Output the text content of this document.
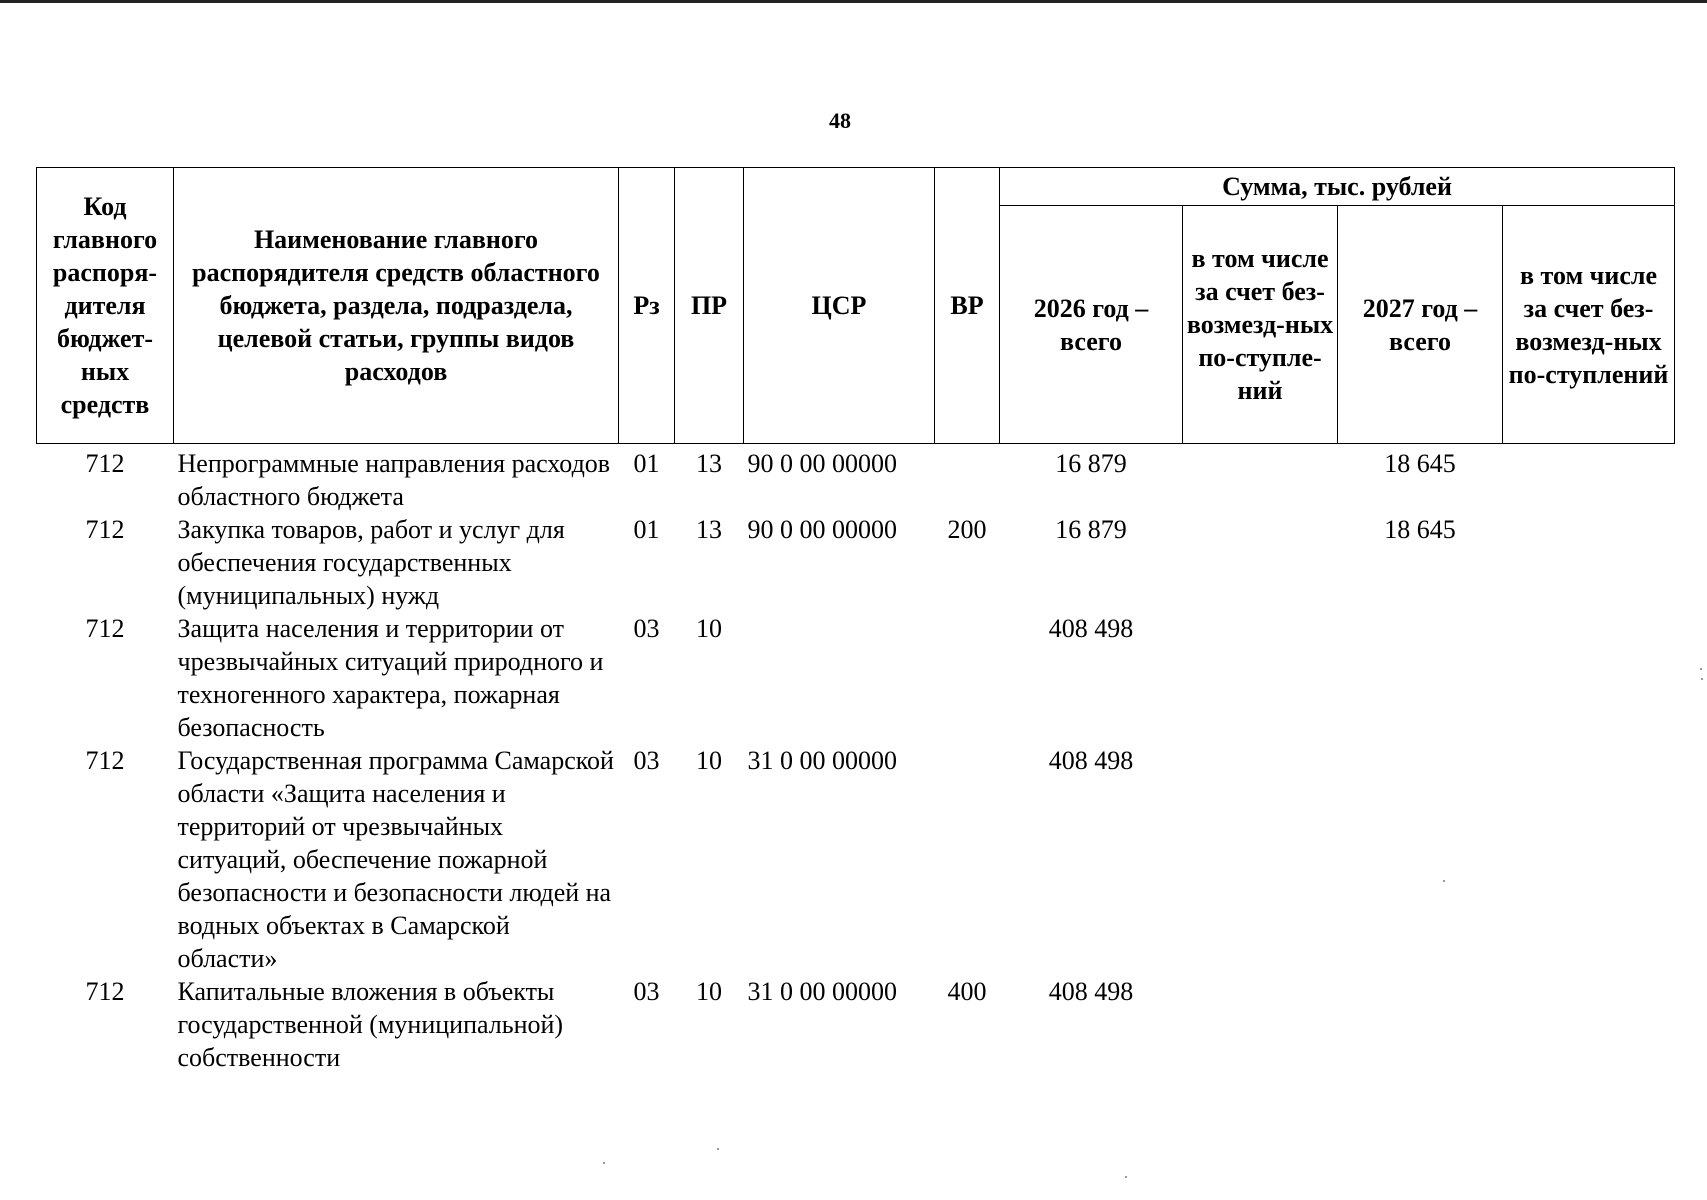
48
Код главного распоря-дителя бюджет-ных средств	Наименование главного распорядителя средств областного бюджета, раздела, подраздела, целевой статьи, группы видов расходов	Рз	ПР	ЦСР	ВР	Сумма, тыс. рублей			
						2026 год – всего	в том числе за счет без-возмезд-ных по-ступле-ний	2027 год – всего	в том числе за счет без-возмезд-ных по-ступлений
712	Непрограммные направления расходов областного бюджета	01	13	90 0 00 00000		16 879		18 645	
712	Закупка товаров, работ и услуг для обеспечения государственных (муниципальных) нужд	01	13	90 0 00 00000	200	16 879		18 645	
712	Защита населения и территории от чрезвычайных ситуаций природного и техногенного характера, пожарная безопасность	03	10			408 498			
712	Государственная программа Самарской области «Защита населения и территорий от чрезвычайных ситуаций, обеспечение пожарной безопасности и безопасности людей на водных объектах в Самарской области»	03	10	31 0 00 00000		408 498			
712	Капитальные вложения в объекты государственной (муниципальной) собственности	03	10	31 0 00 00000	400	408 498			
